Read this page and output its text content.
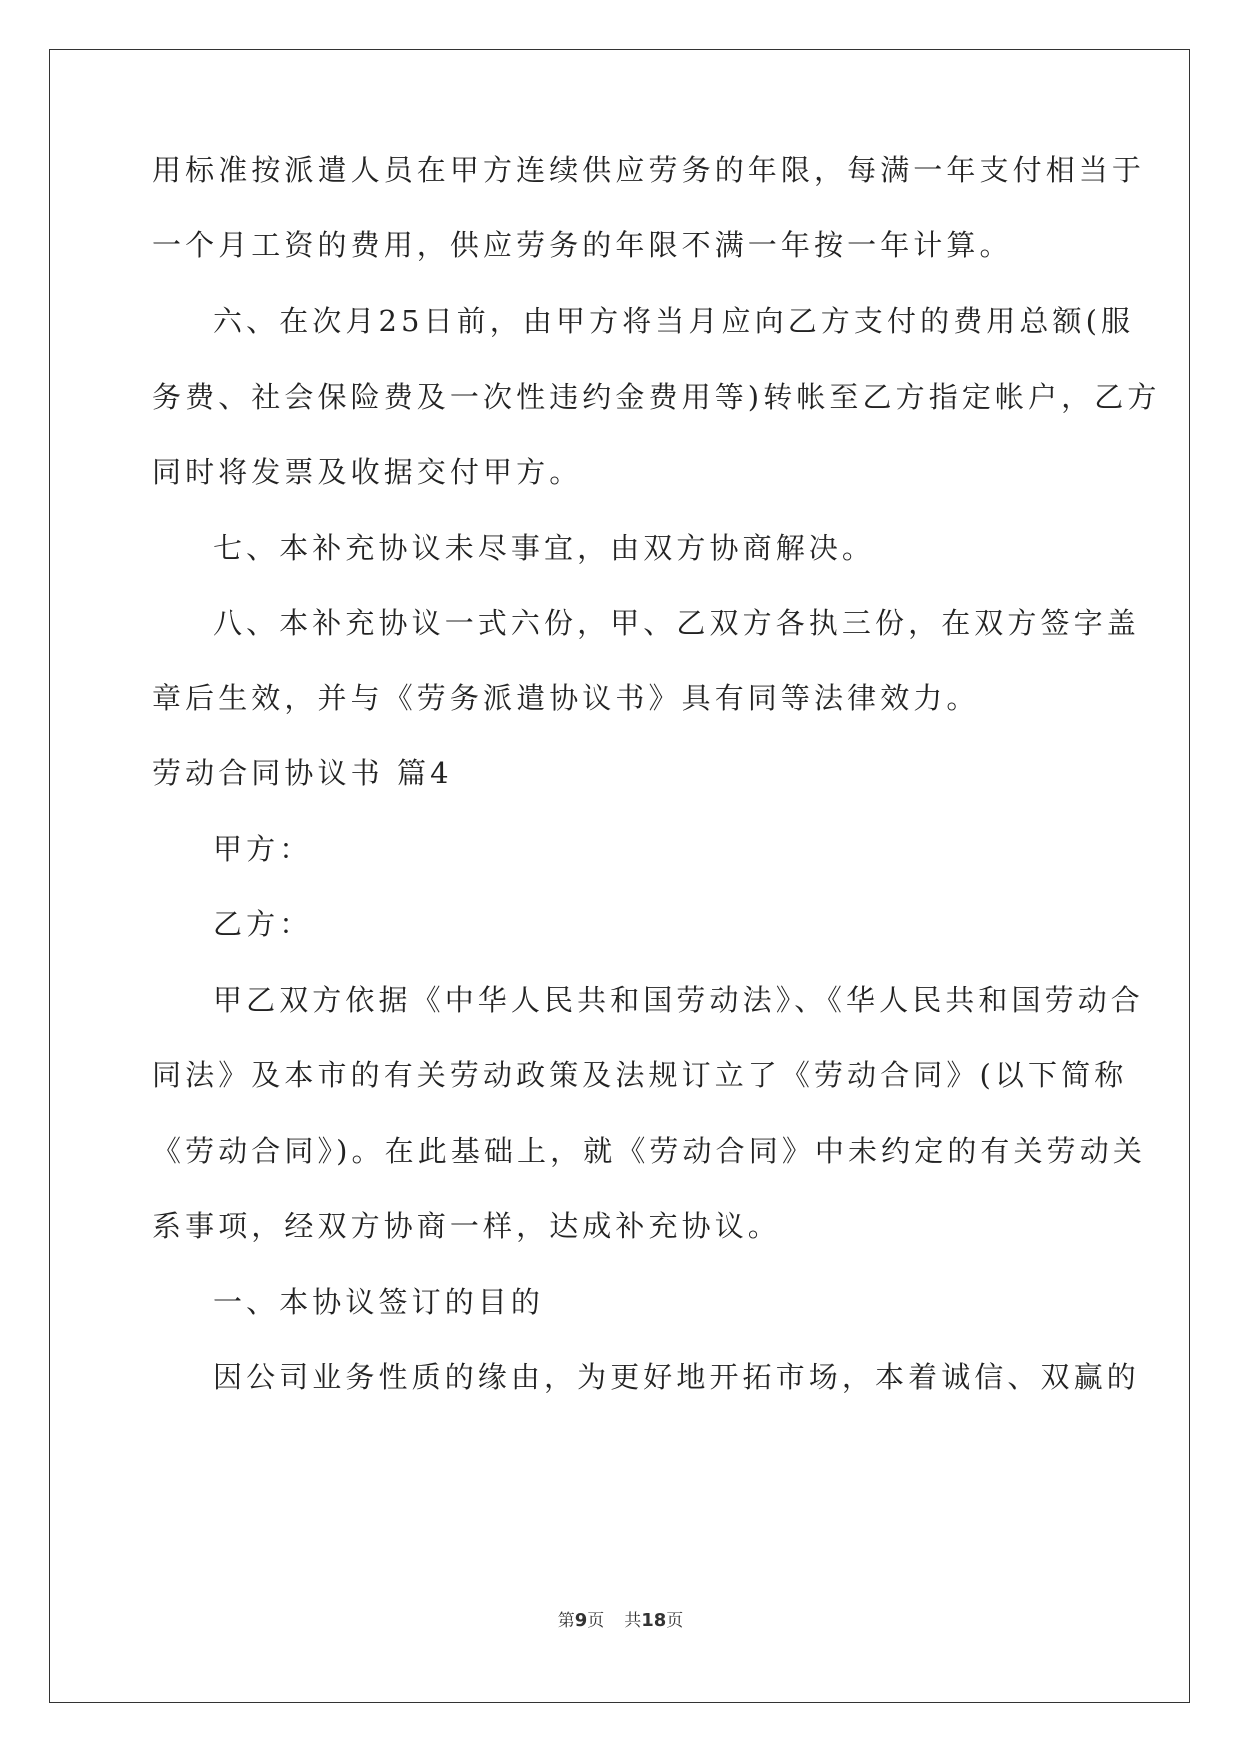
用标准按派遣人员在甲方连续供应劳务的年限，每满一年支付相当于
一个月工资的费用，供应劳务的年限不满一年按一年计算。
六、在次月25日前，由甲方将当月应向乙方支付的费用总额(服
务费、社会保险费及一次性违约金费用等)转帐至乙方指定帐户，乙方
同时将发票及收据交付甲方。
七、本补充协议未尽事宜，由双方协商解决。
八、本补充协议一式六份，甲、乙双方各执三份，在双方签字盖
章后生效，并与《劳务派遣协议书》具有同等法律效力。
劳动合同协议书 篇4
甲方：
乙方：
甲乙双方依据《中华人民共和国劳动法》、《华人民共和国劳动合
同法》及本市的有关劳动政策及法规订立了《劳动合同》(以下简称
《劳动合同》)。在此基础上，就《劳动合同》中未约定的有关劳动关
系事项，经双方协商一样，达成补充协议。
一、本协议签订的目的
因公司业务性质的缘由，为更好地开拓市场，本着诚信、双赢的
第9页 共18页
